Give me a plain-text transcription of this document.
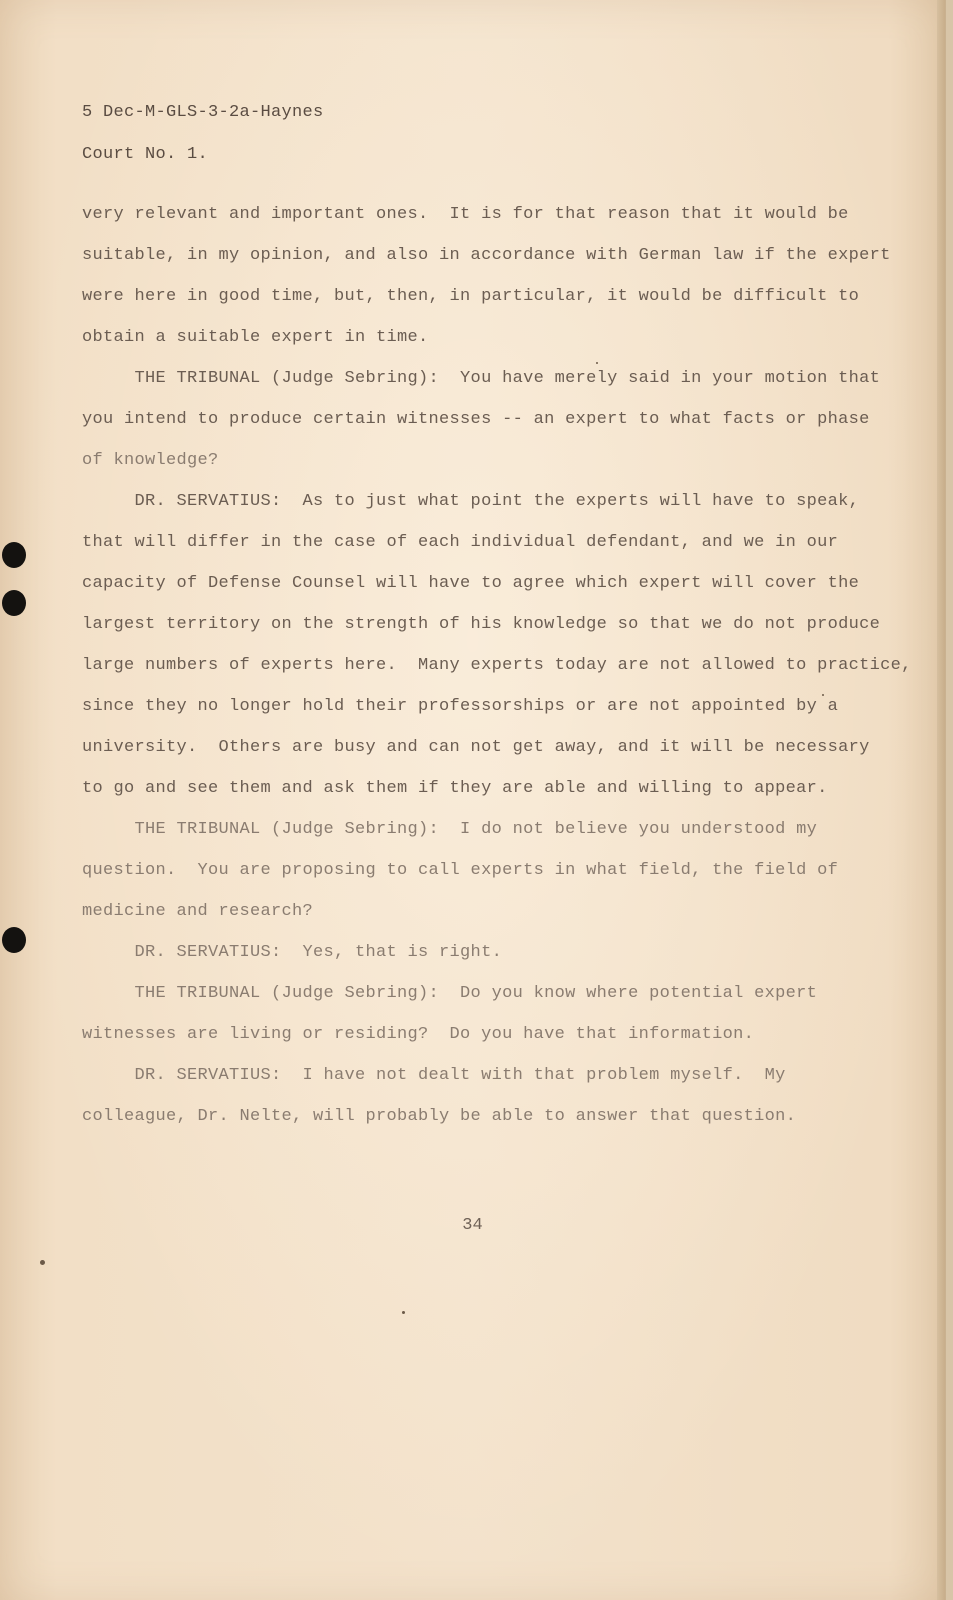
5 Dec-M-GLS-3-2a-Haynes

Court No. 1.

very relevant and important ones.  It is for that reason that it would be

suitable, in my opinion, and also in accordance with German law if the expert

were here in good time, but, then, in particular, it would be difficult to

obtain a suitable expert in time.

THE TRIBUNAL (Judge Sebring):  You have merely said in your motion that

you intend to produce certain witnesses -- an expert to what facts or phase

of knowledge?

DR. SERVATIUS:  As to just what point the experts will have to speak,

that will differ in the case of each individual defendant, and we in our

capacity of Defense Counsel will have to agree which expert will cover the

largest territory on the strength of his knowledge so that we do not produce

large numbers of experts here.  Many experts today are not allowed to practice,

since they no longer hold their professorships or are not appointed by a

university.  Others are busy and can not get away, and it will be necessary

to go and see them and ask them if they are able and willing to appear.

THE TRIBUNAL (Judge Sebring):  I do not believe you understood my

question.  You are proposing to call experts in what field, the field of

medicine and research?

DR. SERVATIUS:  Yes, that is right.

THE TRIBUNAL (Judge Sebring):  Do you know where potential expert

witnesses are living or residing?  Do you have that information.

DR. SERVATIUS:  I have not dealt with that problem myself.  My

colleague, Dr. Nelte, will probably be able to answer that question.

34
